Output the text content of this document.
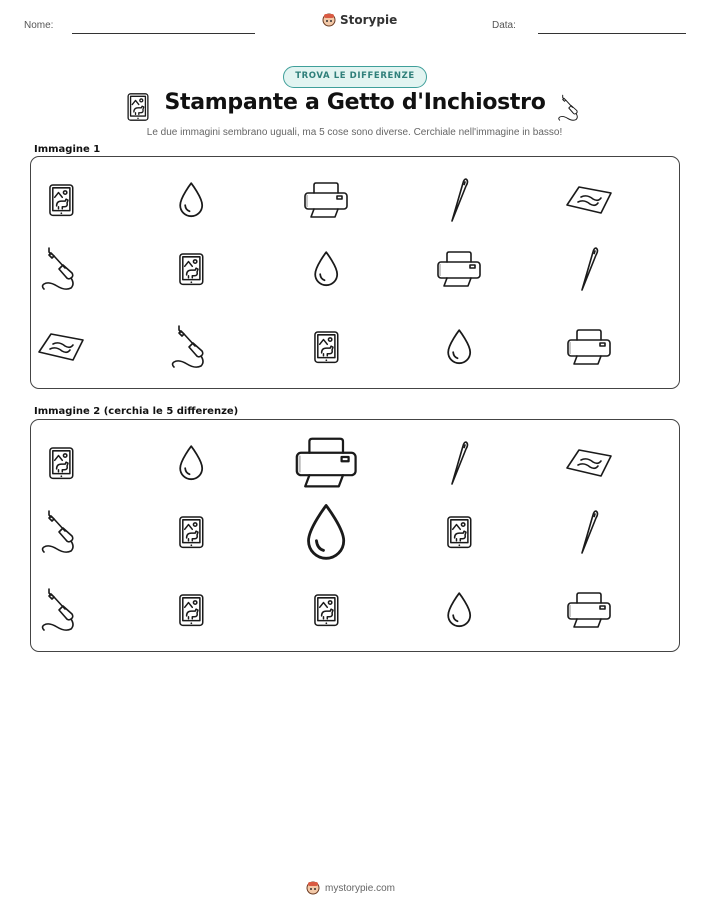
Nome:	Storypie	Data:
TROVA LE DIFFERENZE
Stampante a Getto d'Inchiostro
Le due immagini sembrano uguali, ma 5 cose sono diverse. Cerchiale nell'immagine in basso!
Immagine 1
Immagine 2 (cerchia le 5 differenze)
mystorypie.com
